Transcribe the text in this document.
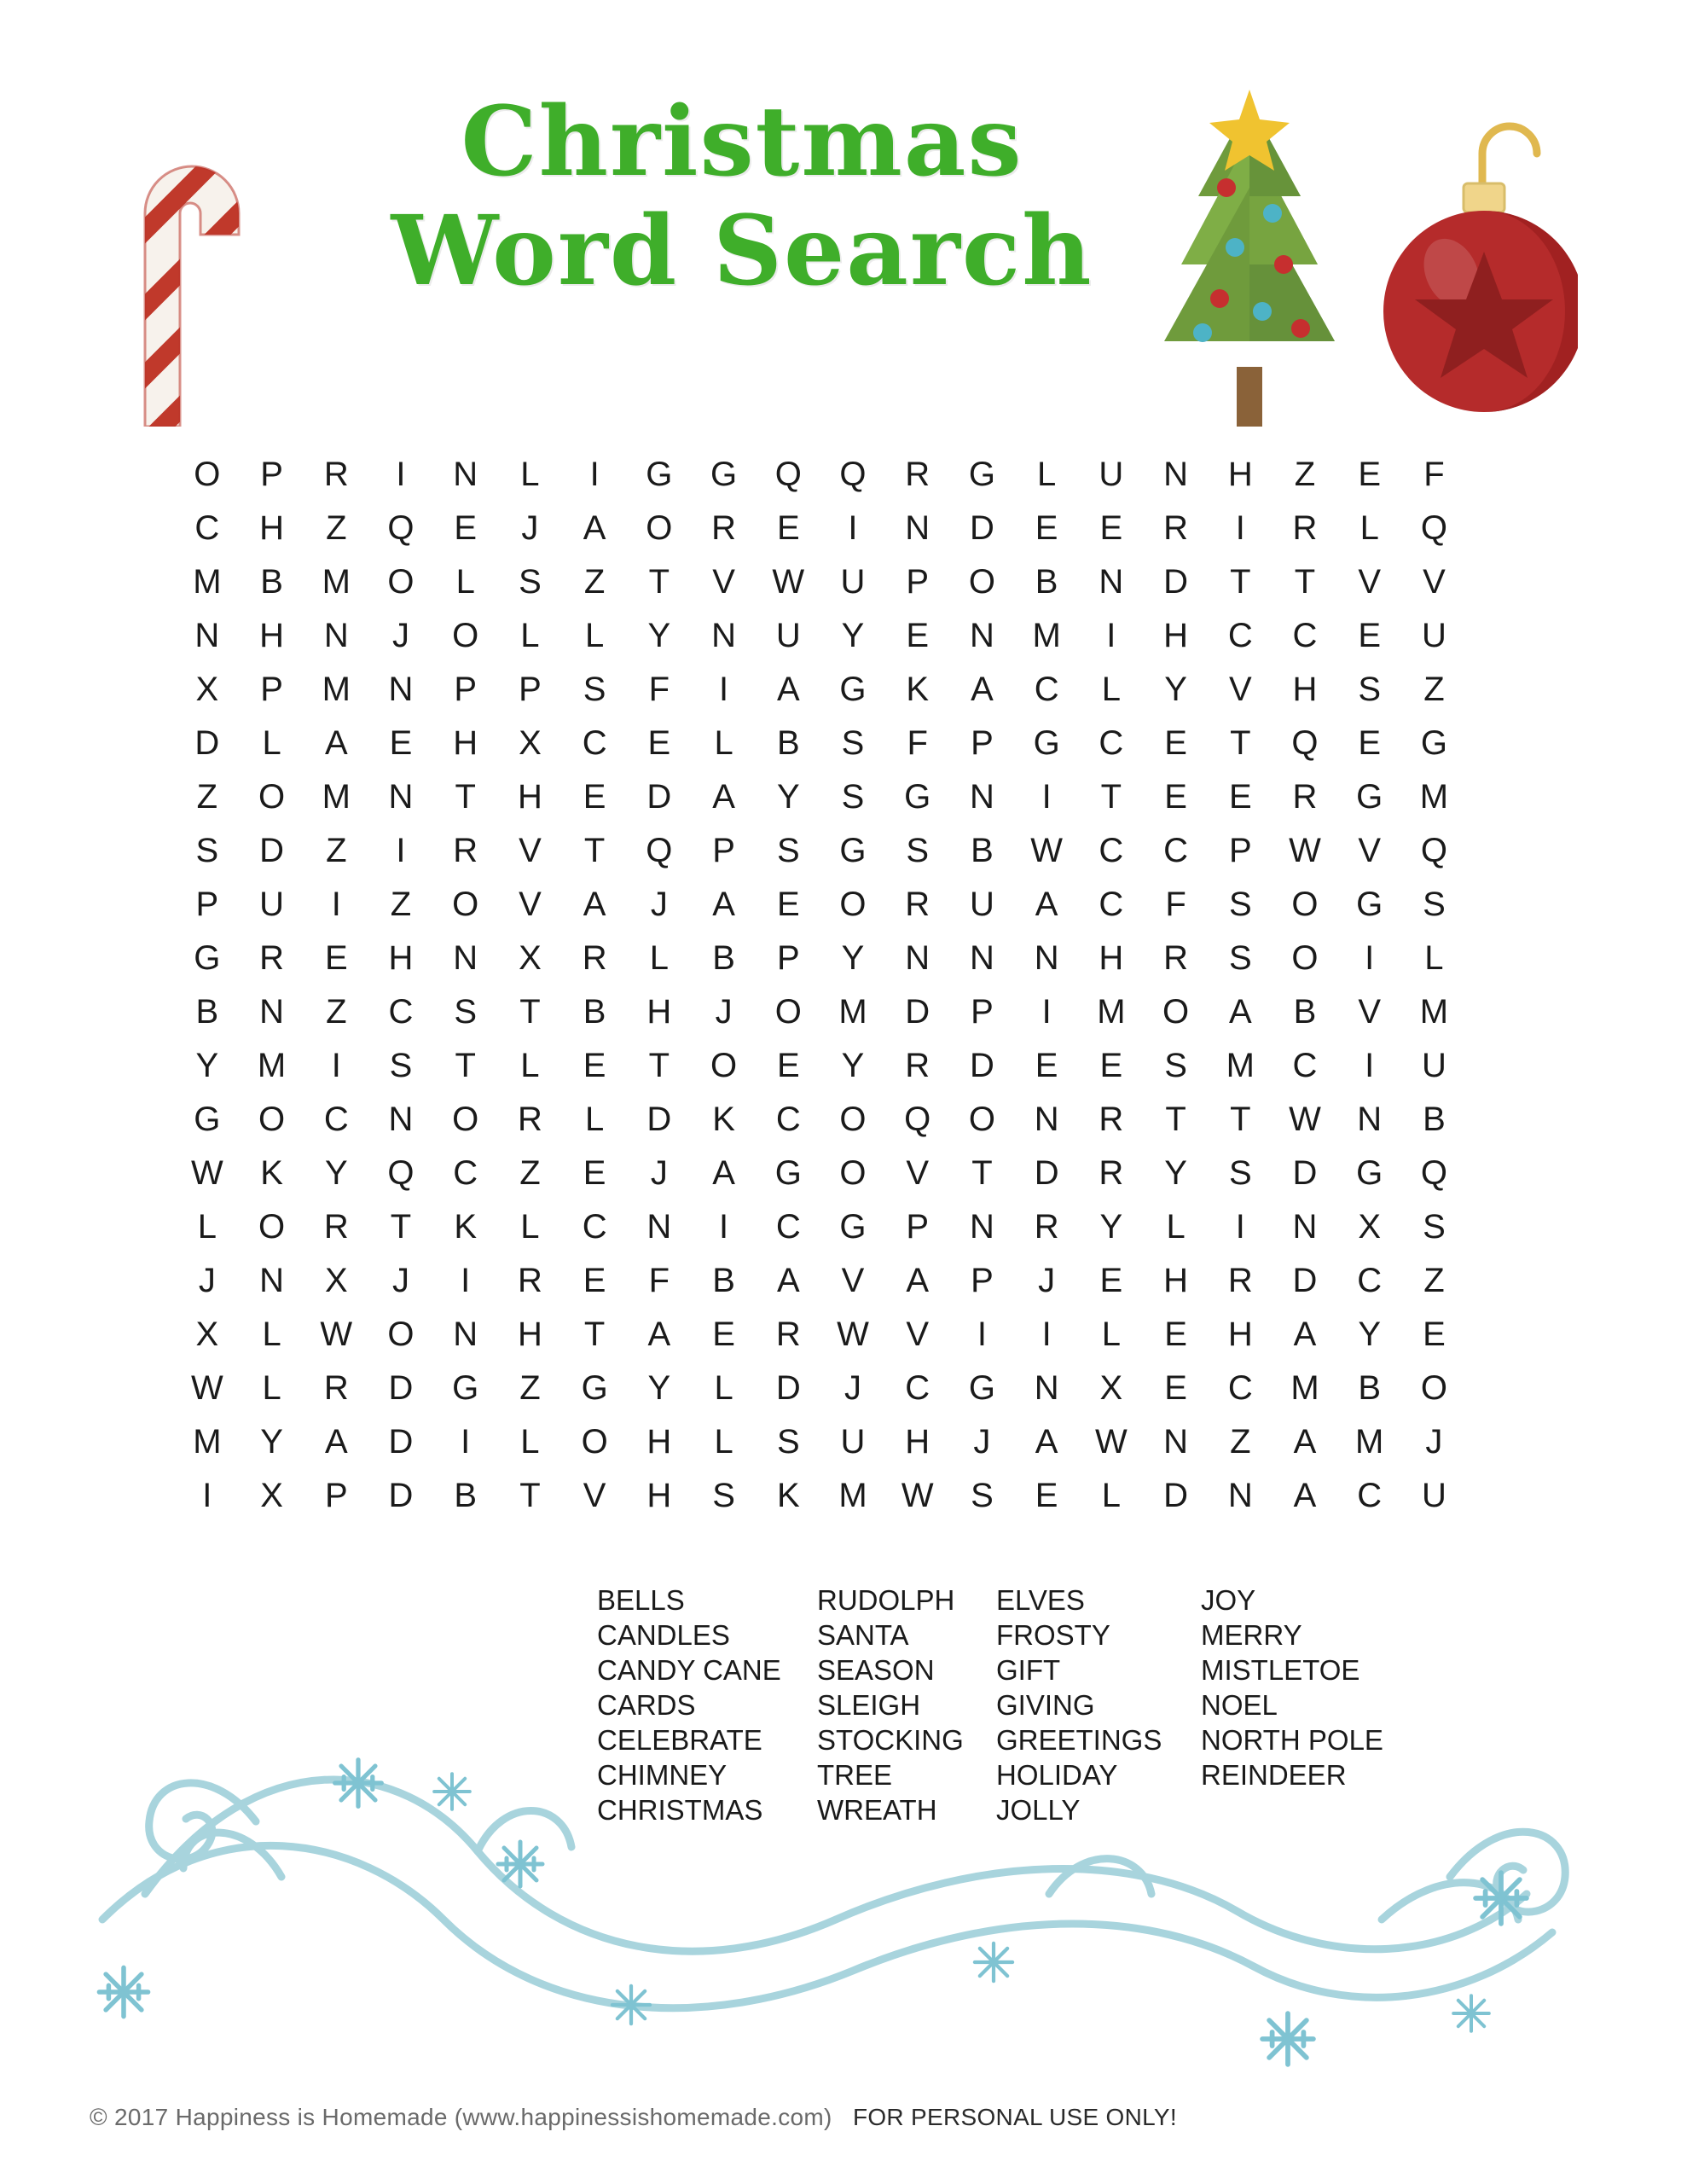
Christmas
Word Search
O	P	R	I	N	L	I	G	G	Q	Q	R	G	L	U	N	H	Z	E	F
C	H	Z	Q	E	J	A	O	R	E	I	N	D	E	E	R	I	R	L	Q
M	B	M	O	L	S	Z	T	V	W	U	P	O	B	N	D	T	T	V	V
N	H	N	J	O	L	L	Y	N	U	Y	E	N	M	I	H	C	C	E	U
X	P	M	N	P	P	S	F	I	A	G	K	A	C	L	Y	V	H	S	Z
D	L	A	E	H	X	C	E	L	B	S	F	P	G	C	E	T	Q	E	G
Z	O	M	N	T	H	E	D	A	Y	S	G	N	I	T	E	E	R	G	M
S	D	Z	I	R	V	T	Q	P	S	G	S	B	W	C	C	P	W	V	Q
P	U	I	Z	O	V	A	J	A	E	O	R	U	A	C	F	S	O	G	S
G	R	E	H	N	X	R	L	B	P	Y	N	N	N	H	R	S	O	I	L
B	N	Z	C	S	T	B	H	J	O	M	D	P	I	M	O	A	B	V	M
Y	M	I	S	T	L	E	T	O	E	Y	R	D	E	E	S	M	C	I	U
G	O	C	N	O	R	L	D	K	C	O	Q	O	N	R	T	T	W	N	B
W	K	Y	Q	C	Z	E	J	A	G	O	V	T	D	R	Y	S	D	G	Q
L	O	R	T	K	L	C	N	I	C	G	P	N	R	Y	L	I	N	X	S
J	N	X	J	I	R	E	F	B	A	V	A	P	J	E	H	R	D	C	Z
X	L	W	O	N	H	T	A	E	R	W	V	I	I	L	E	H	A	Y	E
W	L	R	D	G	Z	G	Y	L	D	J	C	G	N	X	E	C	M	B	O
M	Y	A	D	I	L	O	H	L	S	U	H	J	A	W	N	Z	A	M	J
I	X	P	D	B	T	V	H	S	K	M	W	S	E	L	D	N	A	C	U
BELLS
CANDLES
CANDY CANE
CARDS
CELEBRATE
CHIMNEY
CHRISTMAS
RUDOLPH
SANTA
SEASON
SLEIGH
STOCKING
TREE
WREATH
ELVES
FROSTY
GIFT
GIVING
GREETINGS
HOLIDAY
JOLLY
JOY
MERRY
MISTLETOE
NOEL
NORTH POLE
REINDEER
© 2017 Happiness is Homemade (www.happinessishomemade.com) FOR PERSONAL USE ONLY!
